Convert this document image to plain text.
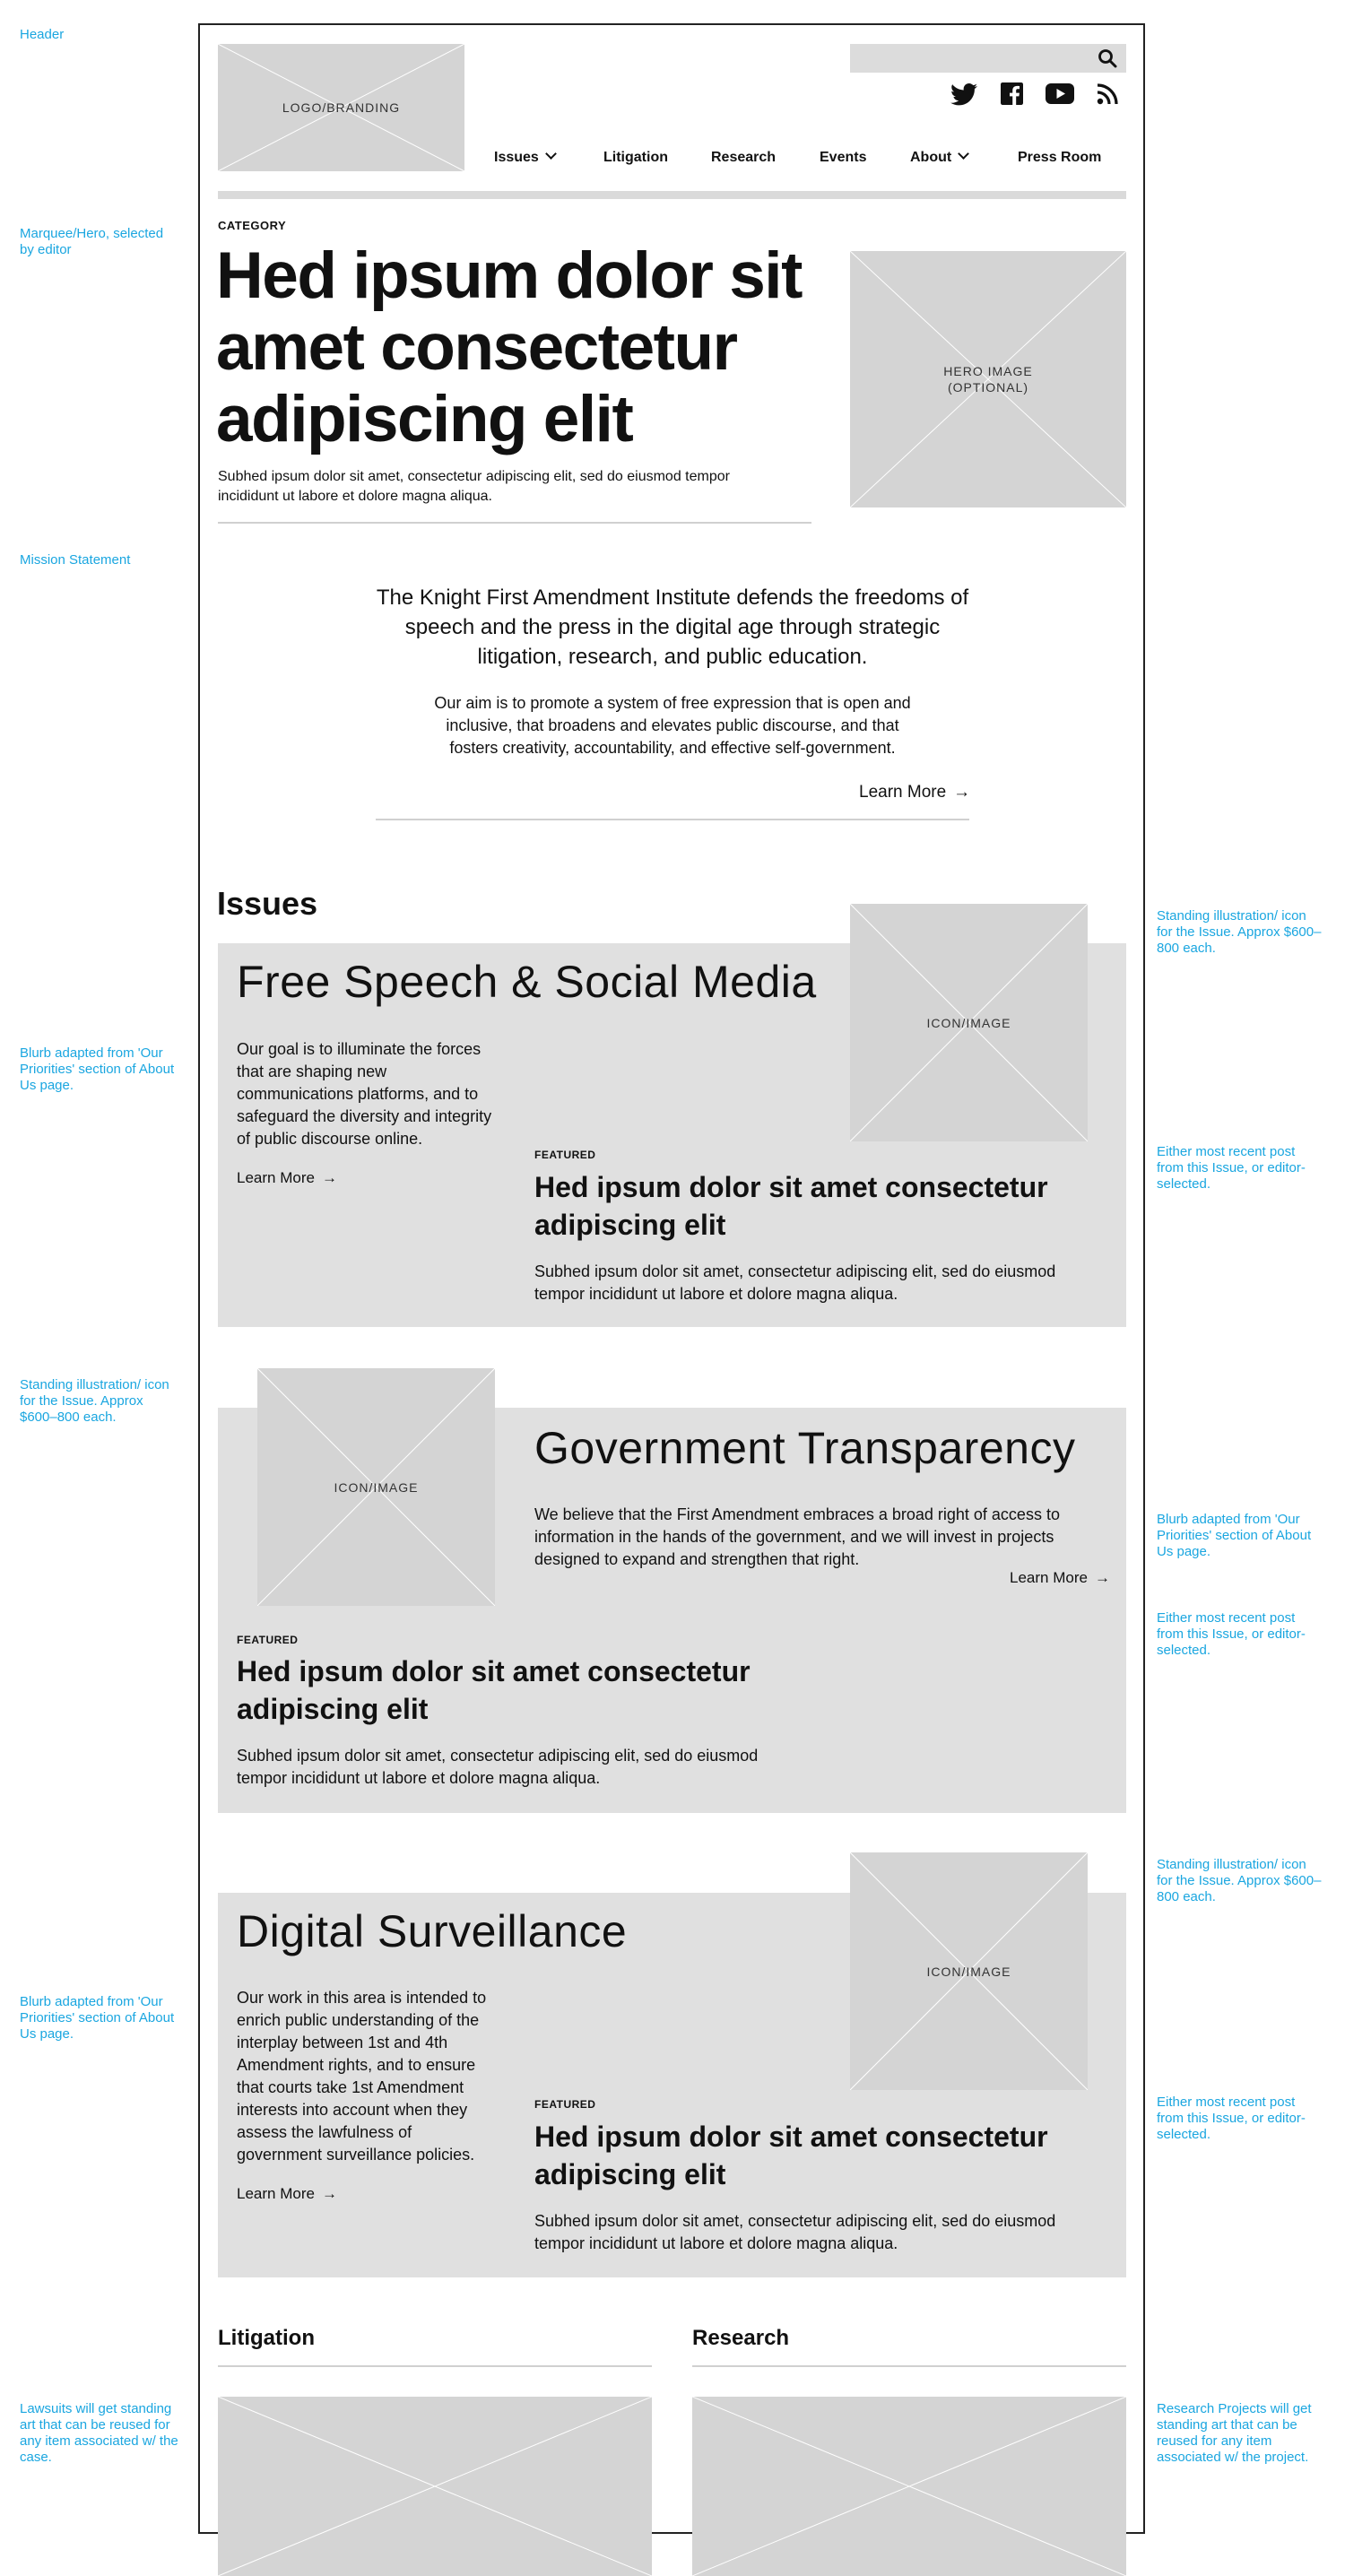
Header
Marquee/Hero, selected by editor
Mission Statement
Standing illustration/ icon for the Issue. Approx $600–800 each.
Blurb adapted from 'Our Priorities' section of About Us page.
Either most recent post from this Issue, or editor-selected.
Standing illustration/ icon for the Issue. Approx $600–800 each.
Blurb adapted from 'Our Priorities' section of About Us page.
Either most recent post from this Issue, or editor-selected.
Standing illustration/ icon for the Issue. Approx $600–800 each.
Blurb adapted from 'Our Priorities' section of About Us page.
Either most recent post from this Issue, or editor-selected.
Lawsuits will get standing art that can be reused for any item associated w/ the case.
Research Projects will get standing art that can be reused for any item associated w/ the project.
LOGO/BRANDING
Issues	Litigation	Research	Events	About	Press Room
CATEGORY
Hed ipsum dolor sit amet consectetur adipiscing elit
Subhed ipsum dolor sit amet, consectetur adipiscing elit, sed do eiusmod tempor incididunt ut labore et dolore magna aliqua.
HERO IMAGE
(OPTIONAL)
The Knight First Amendment Institute defends the freedoms of speech and the press in the digital age through strategic litigation, research, and public education.
Our aim is to promote a system of free expression that is open and inclusive, that broadens and elevates public discourse, and that fosters creativity, accountability, and effective self-government.
Learn More →
Issues
ICON/IMAGE
Free Speech & Social Media
Our goal is to illuminate the forces that are shaping new communications platforms, and to safeguard the diversity and integrity of public discourse online.
Learn More →
FEATURED
Hed ipsum dolor sit amet consectetur adipiscing elit
Subhed ipsum dolor sit amet, consectetur adipiscing elit, sed do eiusmod tempor incididunt ut labore et dolore magna aliqua.
ICON/IMAGE
Government Transparency
We believe that the First Amendment embraces a broad right of access to information in the hands of the government, and we will invest in projects designed to expand and strengthen that right.
Learn More →
FEATURED
Hed ipsum dolor sit amet consectetur adipiscing elit
Subhed ipsum dolor sit amet, consectetur adipiscing elit, sed do eiusmod tempor incididunt ut labore et dolore magna aliqua.
ICON/IMAGE
Digital Surveillance
Our work in this area is intended to enrich public understanding of the interplay between 1st and 4th Amendment rights, and to ensure that courts take 1st Amendment interests into account when they assess the lawfulness of government surveillance policies.
Learn More →
FEATURED
Hed ipsum dolor sit amet consectetur adipiscing elit
Subhed ipsum dolor sit amet, consectetur adipiscing elit, sed do eiusmod tempor incididunt ut labore et dolore magna aliqua.
Litigation	Research
